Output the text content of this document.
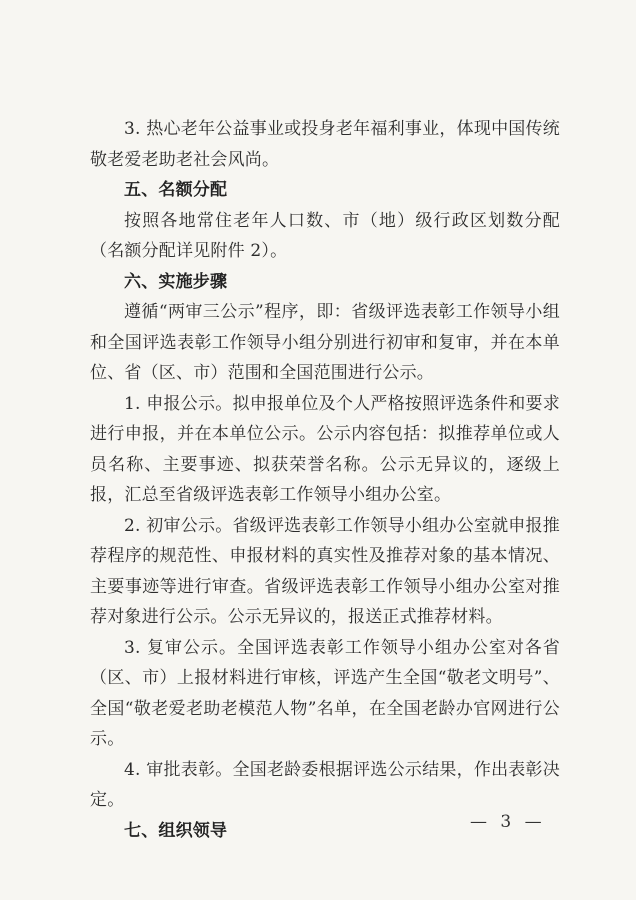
3. 热心老年公益事业或投身老年福利事业，体现中国传统敬老爱老助老社会风尚。

五、名额分配

按照各地常住老年人口数、市（地）级行政区划数分配（名额分配详见附件 2）。

六、实施步骤

遵循“两审三公示”程序，即：省级评选表彰工作领导小组和全国评选表彰工作领导小组分别进行初审和复审，并在本单位、省（区、市）范围和全国范围进行公示。

1. 申报公示。拟申报单位及个人严格按照评选条件和要求进行申报，并在本单位公示。公示内容包括：拟推荐单位或人员名称、主要事迹、拟获荣誉名称。公示无异议的，逐级上报，汇总至省级评选表彰工作领导小组办公室。

2. 初审公示。省级评选表彰工作领导小组办公室就申报推荐程序的规范性、申报材料的真实性及推荐对象的基本情况、主要事迹等进行审查。省级评选表彰工作领导小组办公室对推荐对象进行公示。公示无异议的，报送正式推荐材料。

3. 复审公示。全国评选表彰工作领导小组办公室对各省（区、市）上报材料进行审核，评选产生全国“敬老文明号”、全国“敬老爱老助老模范人物”名单，在全国老龄办官网进行公示。

4. 审批表彰。全国老龄委根据评选公示结果，作出表彰决定。

七、组织领导	— 3 —
